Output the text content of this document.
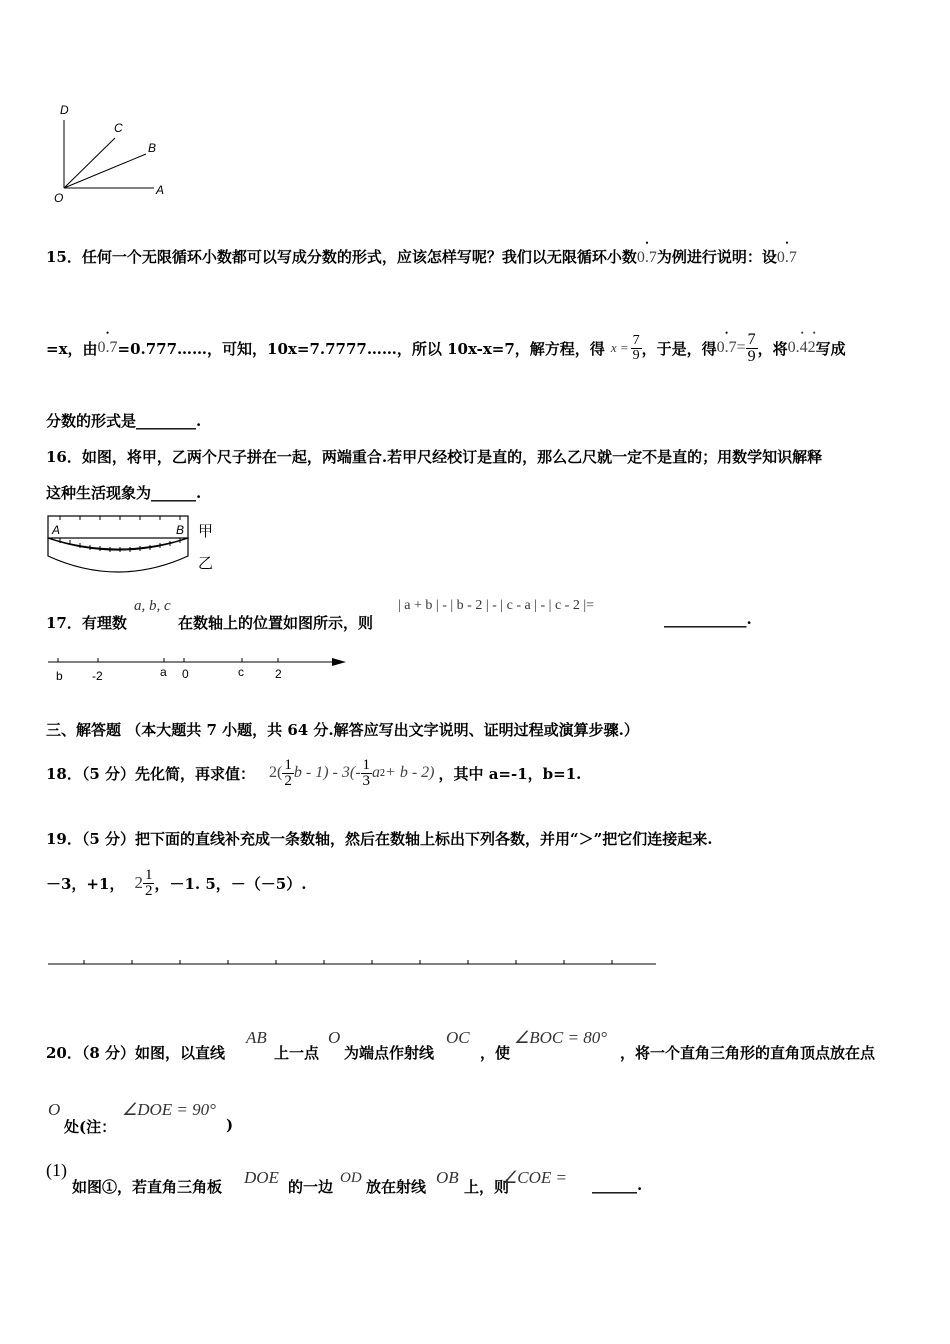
D
C
B
O
A
15．任何一个无限循环小数都可以写成分数的形式，应该怎样写呢？我们以无限循环小数• 0.7为例进行说明：设• 0.7
=x，由 • 0.7 =0.777……，可知，10x=7.7777……，所以 10x-x=7，解方程，得 $x = \frac{7}{9}$ ，于是，得 • $0.7 = \frac{7}{9}$ ，将 0.42
• •
写成
分数的形式是________.
16．如图，将甲，乙两个尺子拼在一起，两端重合.若甲尺经校订是直的，那么乙尺就一定不是直的；用数学知识解释
这种生活现象为______.
A	B 甲
乙
17．有理数
a, b, c
在数轴上的位置如图所示，则
| a + b | - | b - 2 | - | c - a | - | c - 2 |=
___________.
b -2	a 0	c	2
三、解答题 （本大题共 7 小题，共 64 分.解答应写出文字说明、证明过程或演算步骤.）
18．（5 分）先化简，再求值： $2( \frac{1}{2}$ b - $1) - 3(- \frac{1}{3}$ a 2 + b - 2) ，其中 a=-1，b=1.
19．（5 分）把下面的直线补充成一条数轴，然后在数轴上标出下列各数，并用“＞”把它们连接起来.
－3，+1， $2 \frac{1}{2}$ ，－1. 5，－（－5）.
20．（8 分）如图，以直线
AB
上一点
O
为端点作射线
OC
，使
∠BOC = 80°
，将一个直角三角形的直角顶点放在点
O
处(注：
∠DOE = 90°
)
(1)
如图①，若直角三角板 DOE 的一边 OD 放在射线 OB 上，则
∠COE = ______.
